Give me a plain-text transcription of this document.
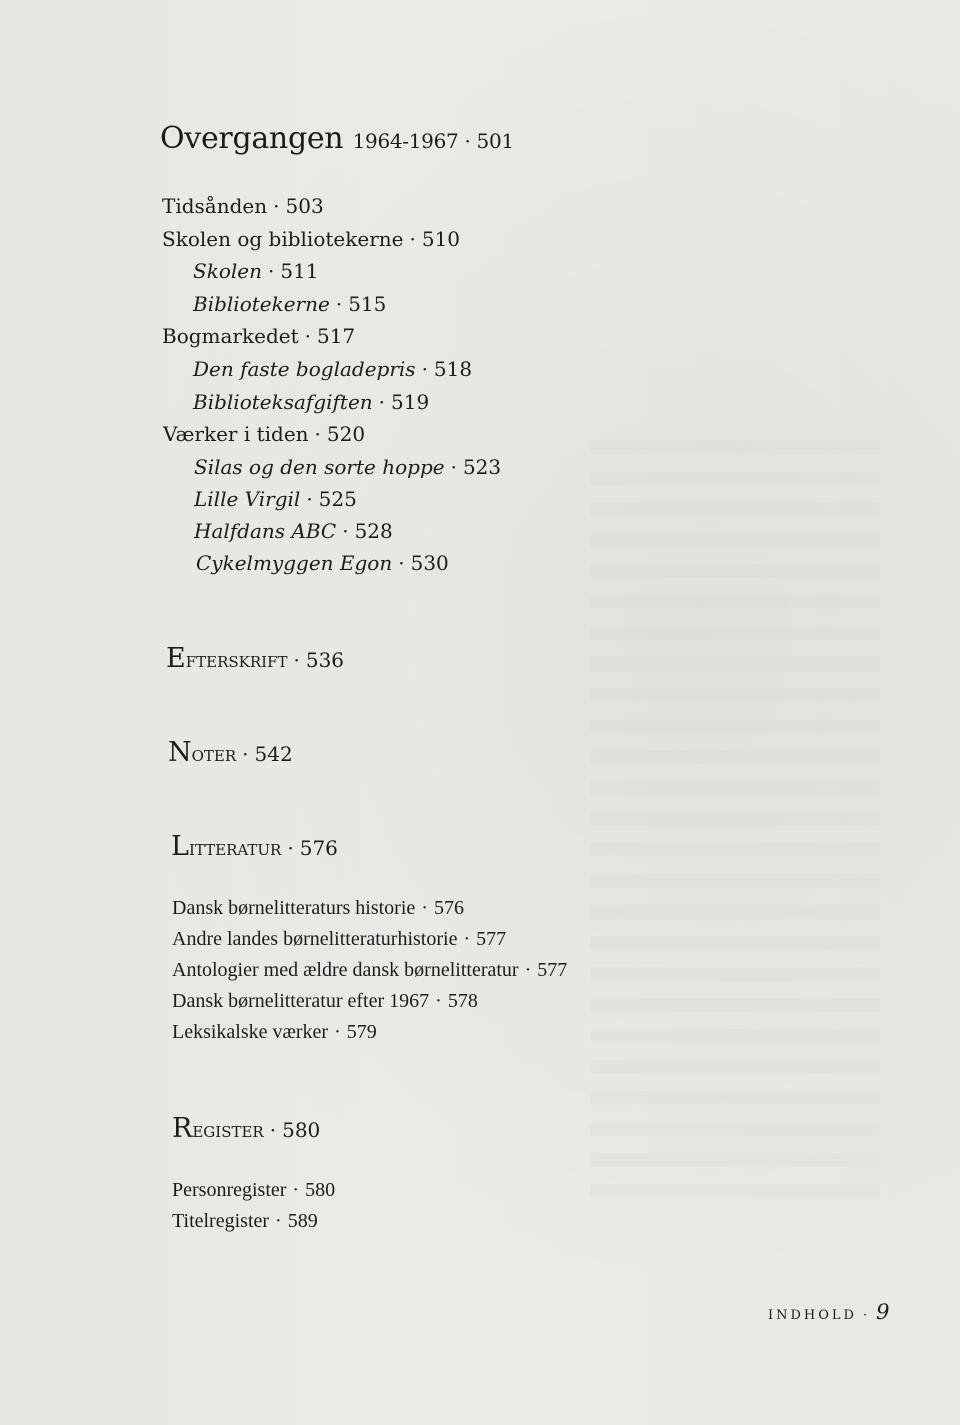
Overgangen 1964-1967 · 501
Tidsånden · 503
Skolen og bibliotekerne · 510
Skolen · 511
Bibliotekerne · 515
Bogmarkedet · 517
Den faste bogladepris · 518
Biblioteksafgiften · 519
Værker i tiden · 520
Silas og den sorte hoppe · 523
Lille Virgil · 525
Halfdans ABC · 528
Cykelmyggen Egon · 530
Efterskrift · 536
Noter · 542
Litteratur · 576
Dansk børnelitteraturs historie · 576
Andre landes børnelitteraturhistorie · 577
Antologier med ældre dansk børnelitteratur · 577
Dansk børnelitteratur efter 1967 · 578
Leksikalske værker · 579
Register · 580
Personregister · 580
Titelregister · 589
INDHOLD · 9
